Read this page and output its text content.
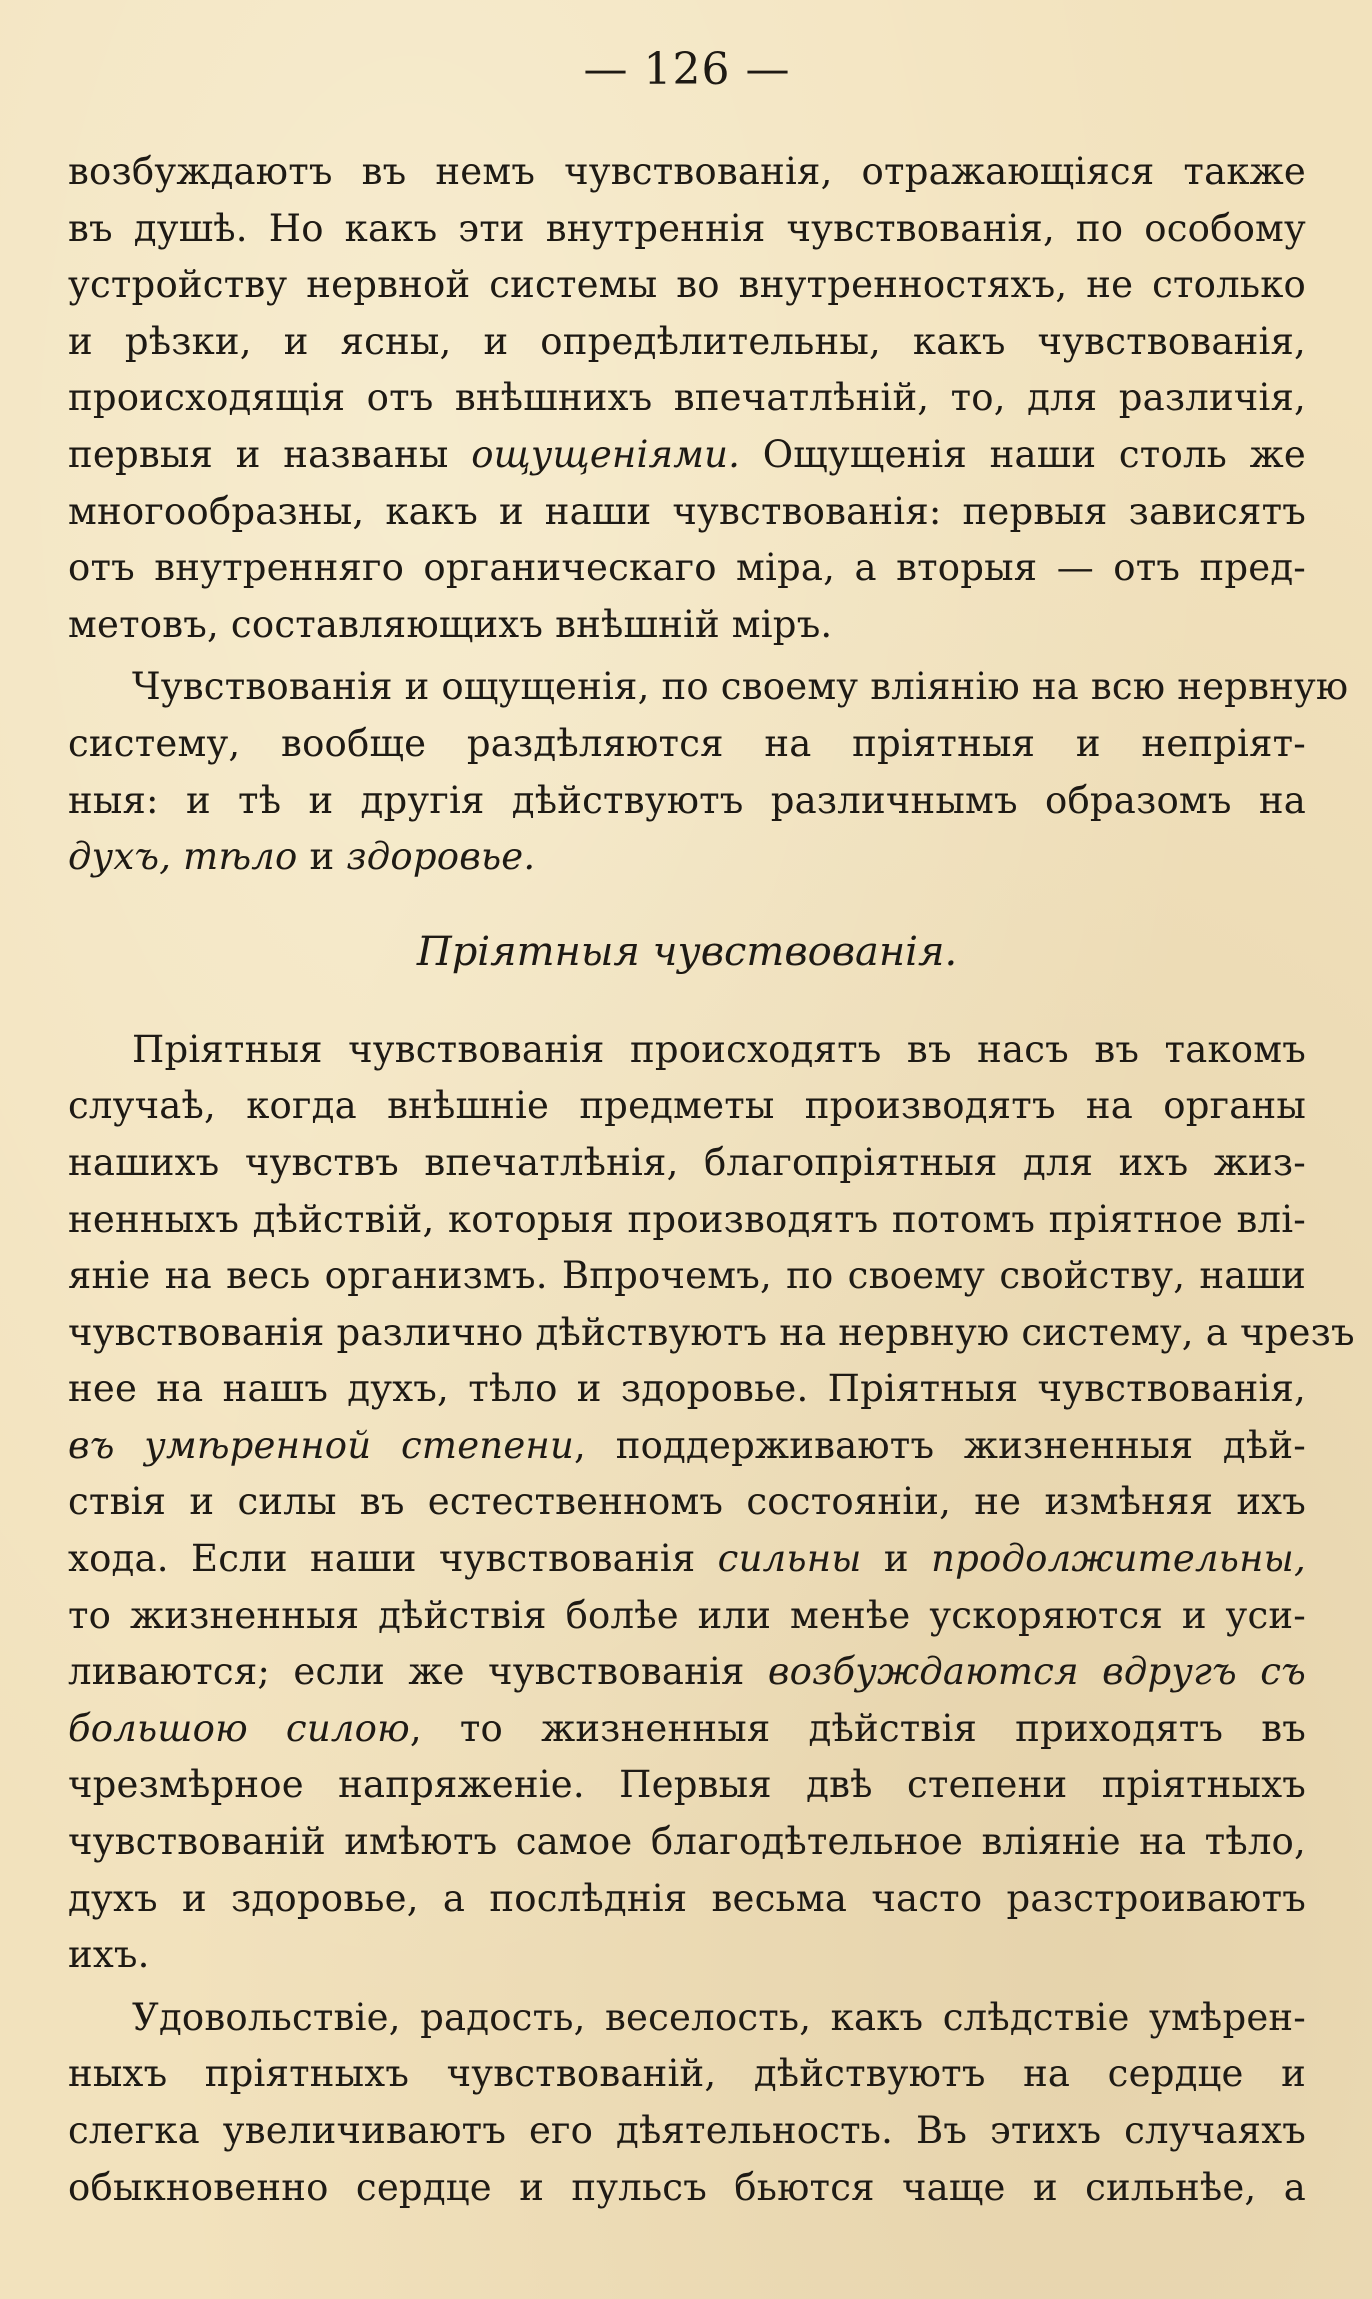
— 126 —
возбуждаютъ въ немъ чувствованія, отражающіяся также
въ душѣ. Но какъ эти внутреннія чувствованія, по особому
устройству нервной системы во внутренностяхъ, не столько
и рѣзки, и ясны, и опредѣлительны, какъ чувствованія,
происходящія отъ внѣшнихъ впечатлѣній, то, для различія,
первыя и названы ощущеніями. Ощущенія наши столь же
многообразны, какъ и наши чувствованія: первыя зависятъ
отъ внутренняго органическаго міра, а вторыя — отъ пред-
метовъ, составляющихъ внѣшній міръ.
Чувствованія и ощущенія, по своему вліянію на всю нервную
систему, вообще раздѣляются на пріятныя и непріят-
ныя: и тѣ и другія дѣйствуютъ различнымъ образомъ на
духъ, тѣло и здоровье.
Пріятныя чувствованія.
Пріятныя чувствованія происходятъ въ насъ въ такомъ
случаѣ, когда внѣшніе предметы производятъ на органы
нашихъ чувствъ впечатлѣнія, благопріятныя для ихъ жиз-
ненныхъ дѣйствій, которыя производятъ потомъ пріятное влі-
яніе на весь организмъ. Впрочемъ, по своему свойству, наши
чувствованія различно дѣйствуютъ на нервную систему, а чрезъ
нее на нашъ духъ, тѣло и здоровье. Пріятныя чувствованія,
въ умѣренной степени, поддерживаютъ жизненныя дѣй-
ствія и силы въ естественномъ состояніи, не измѣняя ихъ
хода. Если наши чувствованія сильны и продолжительны,
то жизненныя дѣйствія болѣе или менѣе ускоряются и уси-
ливаются; если же чувствованія возбуждаются вдругъ съ
большою силою, то жизненныя дѣйствія приходятъ въ
чрезмѣрное напряженіе. Первыя двѣ степени пріятныхъ
чувствованій имѣютъ самое благодѣтельное вліяніе на тѣло,
духъ и здоровье, а послѣднія весьма часто разстроиваютъ
ихъ.
Удовольствіе, радость, веселость, какъ слѣдствіе умѣрен-
ныхъ пріятныхъ чувствованій, дѣйствуютъ на сердце и
слегка увеличиваютъ его дѣятельность. Въ этихъ случаяхъ
обыкновенно сердце и пульсъ бьются чаще и сильнѣе, а
